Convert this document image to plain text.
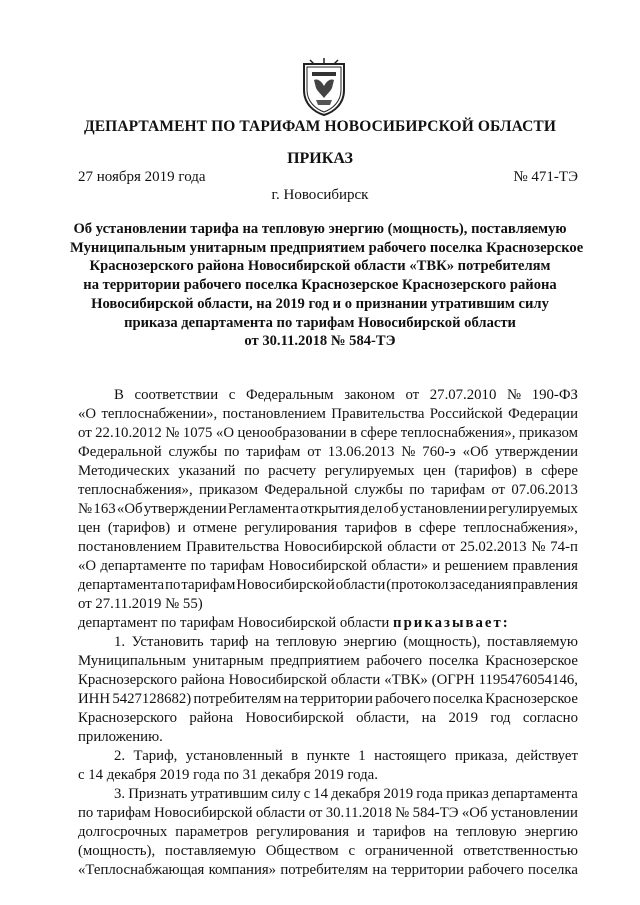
ДЕПАРТАМЕНТ ПО ТАРИФАМ НОВОСИБИРСКОЙ ОБЛАСТИ
ПРИКАЗ
27 ноября 2019 года	№ 471-ТЭ
г. Новосибирск
Об установлении тарифа на тепловую энергию (мощность), поставляемую
Муниципальным унитарным предприятием рабочего поселка Краснозерское
Краснозерского района Новосибирской области «ТВК» потребителям
на территории рабочего поселка Краснозерское Краснозерского района
Новосибирской области, на 2019 год и о признании утратившим силу
приказа департамента по тарифам Новосибирской области
от 30.11.2018 № 584-ТЭ
В соответствии с Федеральным законом от 27.07.2010 № 190-ФЗ
«О теплоснабжении», постановлением Правительства Российской Федерации
от 22.10.2012 № 1075 «О ценообразовании в сфере теплоснабжения», приказом
Федеральной службы по тарифам от 13.06.2013 № 760-э «Об утверждении
Методических указаний по расчету регулируемых цен (тарифов) в сфере
теплоснабжения», приказом Федеральной службы по тарифам от 07.06.2013
№ 163 «Об утверждении Регламента открытия дел об установлении регулируемых
цен (тарифов) и отмене регулирования тарифов в сфере теплоснабжения»,
постановлением Правительства Новосибирской области от 25.02.2013 № 74-п
«О департаменте по тарифам Новосибирской области» и решением правления
департамента по тарифам Новосибирской области (протокол заседания правления
от 27.11.2019 № 55)
департамент по тарифам Новосибирской области
приказывает:
1. Установить тариф на тепловую энергию (мощность), поставляемую
Муниципальным унитарным предприятием рабочего поселка Краснозерское
Краснозерского района Новосибирской области «ТВК» (ОГРН 1195476054146,
ИНН 5427128682) потребителям на территории рабочего поселка Краснозерское
Краснозерского района Новосибирской области, на 2019 год согласно
приложению.
2. Тариф, установленный в пункте 1 настоящего приказа, действует
с 14 декабря 2019 года по 31 декабря 2019 года.
3. Признать утратившим силу с 14 декабря 2019 года приказ департамента
по тарифам Новосибирской области от 30.11.2018 № 584-ТЭ «Об установлении
долгосрочных параметров регулирования и тарифов на тепловую энергию
(мощность), поставляемую Обществом с ограниченной ответственностью
«Теплоснабжающая компания» потребителям на территории рабочего поселка
